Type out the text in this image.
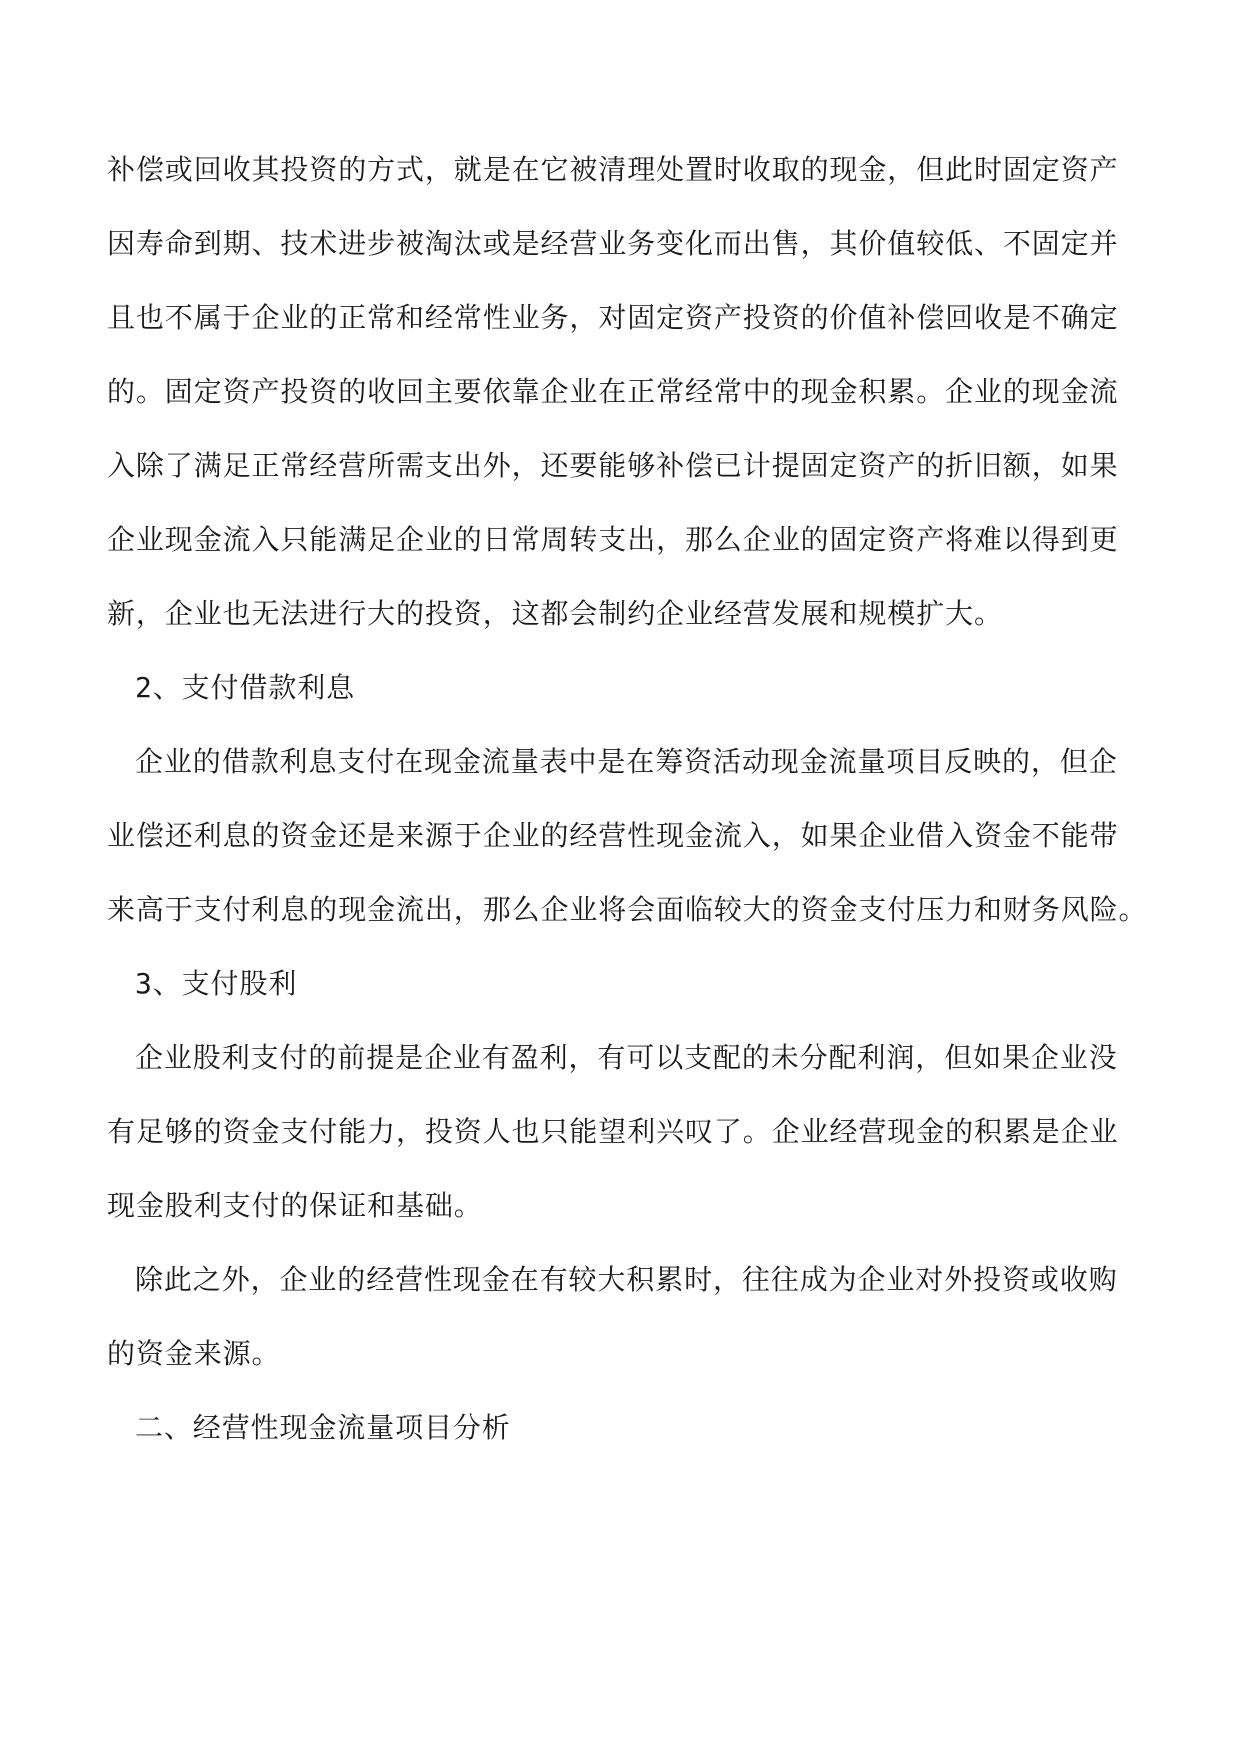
补偿或回收其投资的方式，就是在它被清理处置时收取的现金，但此时固定资产
因寿命到期、技术进步被淘汰或是经营业务变化而出售，其价值较低、不固定并
且也不属于企业的正常和经常性业务，对固定资产投资的价值补偿回收是不确定
的。固定资产投资的收回主要依靠企业在正常经常中的现金积累。企业的现金流
入除了满足正常经营所需支出外，还要能够补偿已计提固定资产的折旧额，如果
企业现金流入只能满足企业的日常周转支出，那么企业的固定资产将难以得到更
新，企业也无法进行大的投资，这都会制约企业经营发展和规模扩大。
2、支付借款利息
企业的借款利息支付在现金流量表中是在筹资活动现金流量项目反映的，但企
业偿还利息的资金还是来源于企业的经营性现金流入，如果企业借入资金不能带
来高于支付利息的现金流出，那么企业将会面临较大的资金支付压力和财务风险。
3、支付股利
企业股利支付的前提是企业有盈利，有可以支配的未分配利润，但如果企业没
有足够的资金支付能力，投资人也只能望利兴叹了。企业经营现金的积累是企业
现金股利支付的保证和基础。
除此之外，企业的经营性现金在有较大积累时，往往成为企业对外投资或收购
的资金来源。
二、经营性现金流量项目分析
